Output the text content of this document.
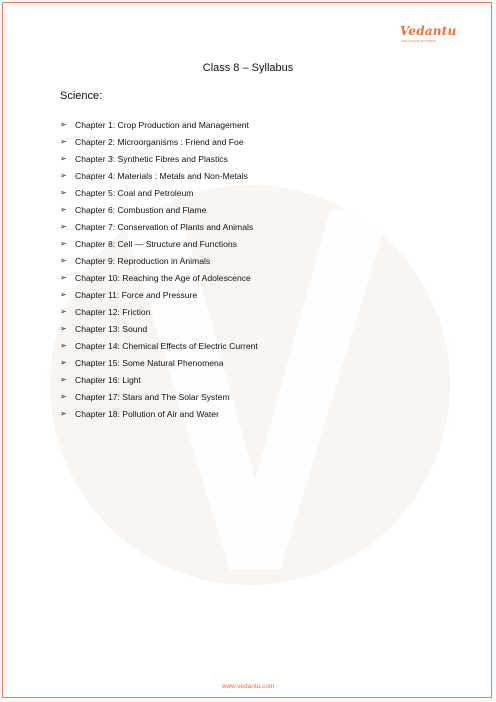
Vedantu
LIVE ONLINE TUTORING
Class 8 – Syllabus
Science:
➢ Chapter 1: Crop Production and Management
➢ Chapter 2: Microorganisms : Friend and Foe
➢ Chapter 3: Synthetic Fibres and Plastics
➢ Chapter 4: Materials : Metals and Non-Metals
➢ Chapter 5: Coal and Petroleum
➢ Chapter 6: Combustion and Flame
➢ Chapter 7: Conservation of Plants and Animals
➢ Chapter 8: Cell — Structure and Functions
➢ Chapter 9: Reproduction in Animals
➢ Chapter 10: Reaching the Age of Adolescence
➢ Chapter 11: Force and Pressure
➢ Chapter 12: Friction
➢ Chapter 13: Sound
➢ Chapter 14: Chemical Effects of Electric Current
➢ Chapter 15: Some Natural Phenomena
➢ Chapter 16: Light
➢ Chapter 17: Stars and The Solar System
➢ Chapter 18: Pollution of Air and Water
www.vedantu.com
